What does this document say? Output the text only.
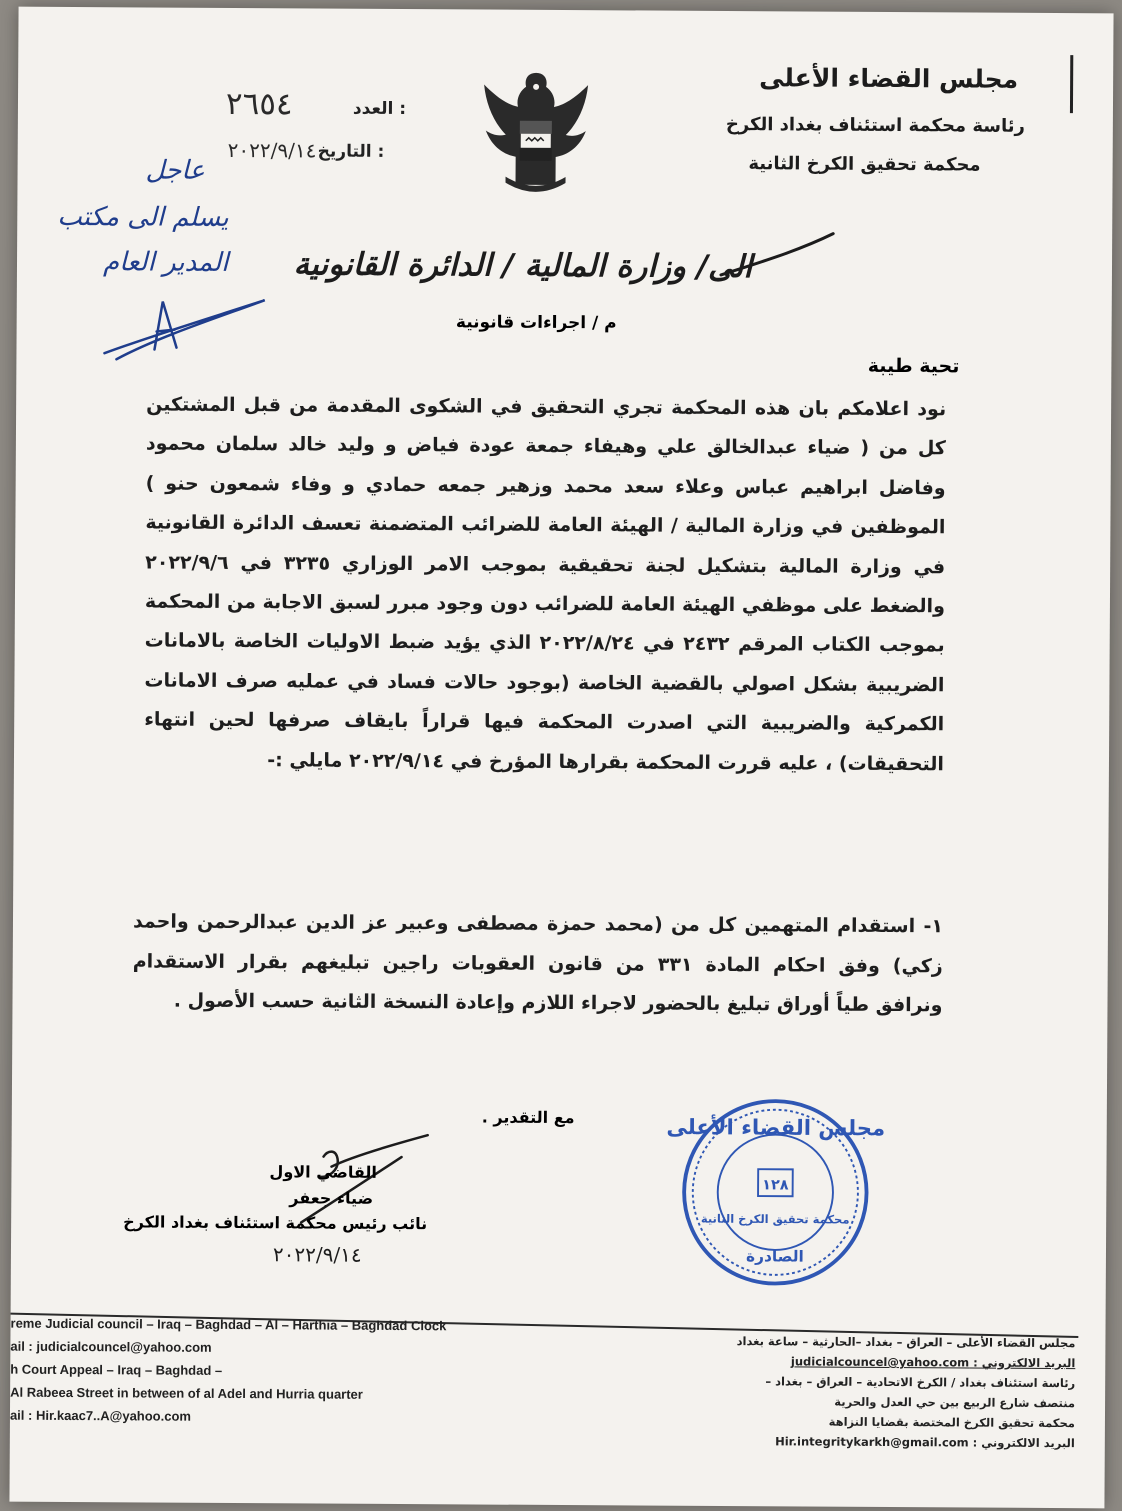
مجلس القضاء الأعلى
رئاسة محكمة استئناف بغداد الكرخ
محكمة تحقيق الكرخ الثانية
العدد :
٢٦٥٤
التاريخ :
٢٠٢٢/٩/١٤
عاجل
يسلم الى مكتب
المدير العام الى/ وزارة المالية / الدائرة القانونية
م / اجراءات قانونية
تحية طيبة
نود اعلامكم بان هذه المحكمة تجري التحقيق في الشكوى المقدمة من قبل المشتكين كل من ( ضياء عبدالخالق علي وهيفاء جمعة عودة فياض و وليد خالد سلمان محمود وفاضل ابراهيم عباس وعلاء سعد محمد وزهير جمعه حمادي و وفاء شمعون حنو ) الموظفين في وزارة المالية / الهيئة العامة للضرائب المتضمنة تعسف الدائرة القانونية في وزارة المالية بتشكيل لجنة تحقيقية بموجب الامر الوزاري ٣٢٣٥ في ٢٠٢٢/٩/٦ والضغط على موظفي الهيئة العامة للضرائب دون وجود مبرر لسبق الاجابة من المحكمة بموجب الكتاب المرقم ٢٤٣٢ في ٢٠٢٢/٨/٢٤ الذي يؤيد ضبط الاوليات الخاصة بالامانات الضريبية بشكل اصولي بالقضية الخاصة (بوجود حالات فساد في عمليه صرف الامانات الكمركية والضريبية التي اصدرت المحكمة فيها قراراً بايقاف صرفها لحين انتهاء التحقيقات) ، عليه قررت المحكمة بقرارها المؤرخ في ٢٠٢٢/٩/١٤ مايلي :-
١- استقدام المتهمين كل من (محمد حمزة مصطفى وعبير عز الدين عبدالرحمن واحمد زكي) وفق احكام المادة ٣٣١ من قانون العقوبات راجين تبليغهم بقرار الاستقدام ونرافق طياً أوراق تبليغ بالحضور لاجراء اللازم وإعادة النسخة الثانية حسب الأصول .
مع التقدير .
القاضي الاول
ضياء جعفر
نائب رئيس محكمة استئناف بغداد الكرخ
٢٠٢٢/٩/١٤
مجلس القضاء الأعلى
١٢٨
محكمة تحقيق الكرخ الثانية
الصادرة
مجلس القضاء الأعلى – العراق – بغداد –الحارثية – ساعة بغداد
البريد الالكتروني : judicialcouncel@yahoo.com
رئاسة استئناف بغداد / الكرخ الاتحادية – العراق – بغداد –
منتصف شارع الربيع بين حي العدل والحرية
محكمة تحقيق الكرخ المختصة بقضايا النزاهة
البريد الالكتروني : Hir.integritykarkh@gmail.com
reme Judicial council – Iraq – Baghdad – Al – Harthia – Baghdad Clock
ail : judicialcouncel@yahoo.com
h Court Appeal – Iraq – Baghdad –
Al Rabeea Street in between of al Adel and Hurria quarter
ail : Hir.kaac7..A@yahoo.com
